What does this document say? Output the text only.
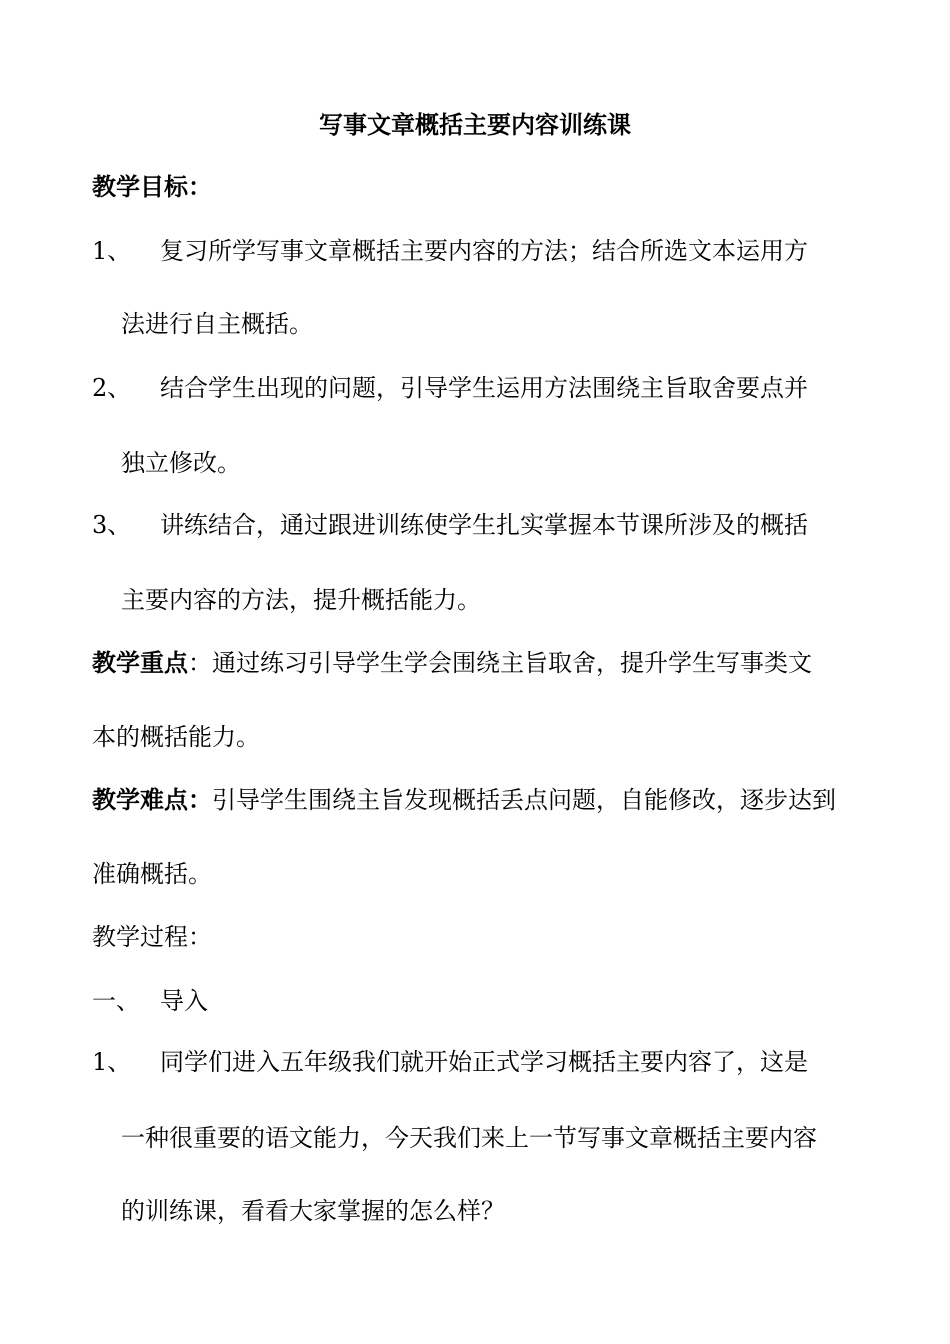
写事文章概括主要内容训练课
教学目标：
1、 复习所学写事文章概括主要内容的方法；结合所选文本运用方
法进行自主概括。
2、 结合学生出现的问题，引导学生运用方法围绕主旨取舍要点并
独立修改。
3、 讲练结合，通过跟进训练使学生扎实掌握本节课所涉及的概括
主要内容的方法，提升概括能力。
教学重点：通过练习引导学生学会围绕主旨取舍，提升学生写事类文
本的概括能力。
教学难点：引导学生围绕主旨发现概括丢点问题，自能修改，逐步达到
准确概括。
教学过程：
一、 导入
1、 同学们进入五年级我们就开始正式学习概括主要内容了，这是
一种很重要的语文能力，今天我们来上一节写事文章概括主要内容
的训练课，看看大家掌握的怎么样？
